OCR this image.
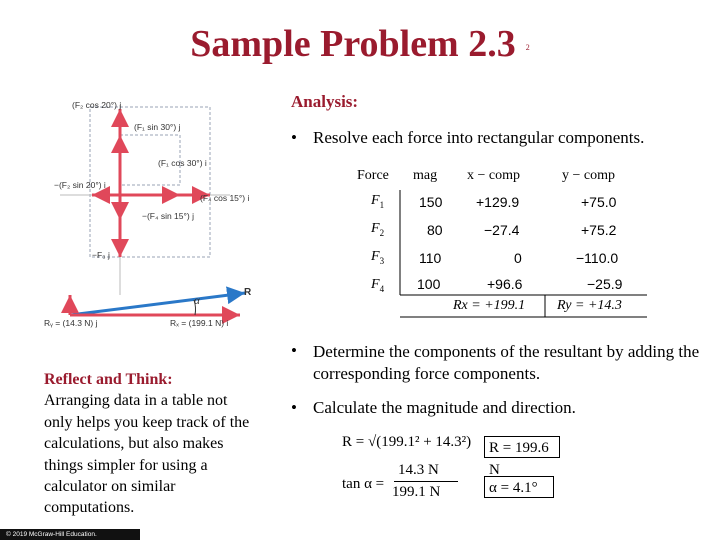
Sample Problem 2.3 2
(F₂ cos 20°) j
(F₁ sin 30°) j
(F₁ cos 30°) i
−(F₂ sin 20°) i
(F₄ cos 15°) i
−(F₄ sin 15°) j
−F₃ j
α
R
Rᵧ = (14.3 N) j	Rₓ = (199.1 N) i
Analysis:
• Resolve each force into rectangular components.
Force mag x − comp	y − comp
$F_1$ 150 +129.9	+75.0
$F_2$	80	−27.4	+75.2
$F_3$ 110	0	−110.0
$F_4$ 100	+96.6	−25.9
Rx = +199.1 Ry = +14.3
• Determine the components of the resultant by adding the corresponding force components.
• Calculate the magnitude and direction.
R = √(199.1² + 14.3²)	R = 199.6 N
tan α =
14.3 N
199.1 N	α = 4.1°
Reflect and Think:
Arranging data in a table not only helps you keep track of the calculations, but also makes things simpler for using a calculator on similar computations.
© 2019 McGraw-Hill Education.
